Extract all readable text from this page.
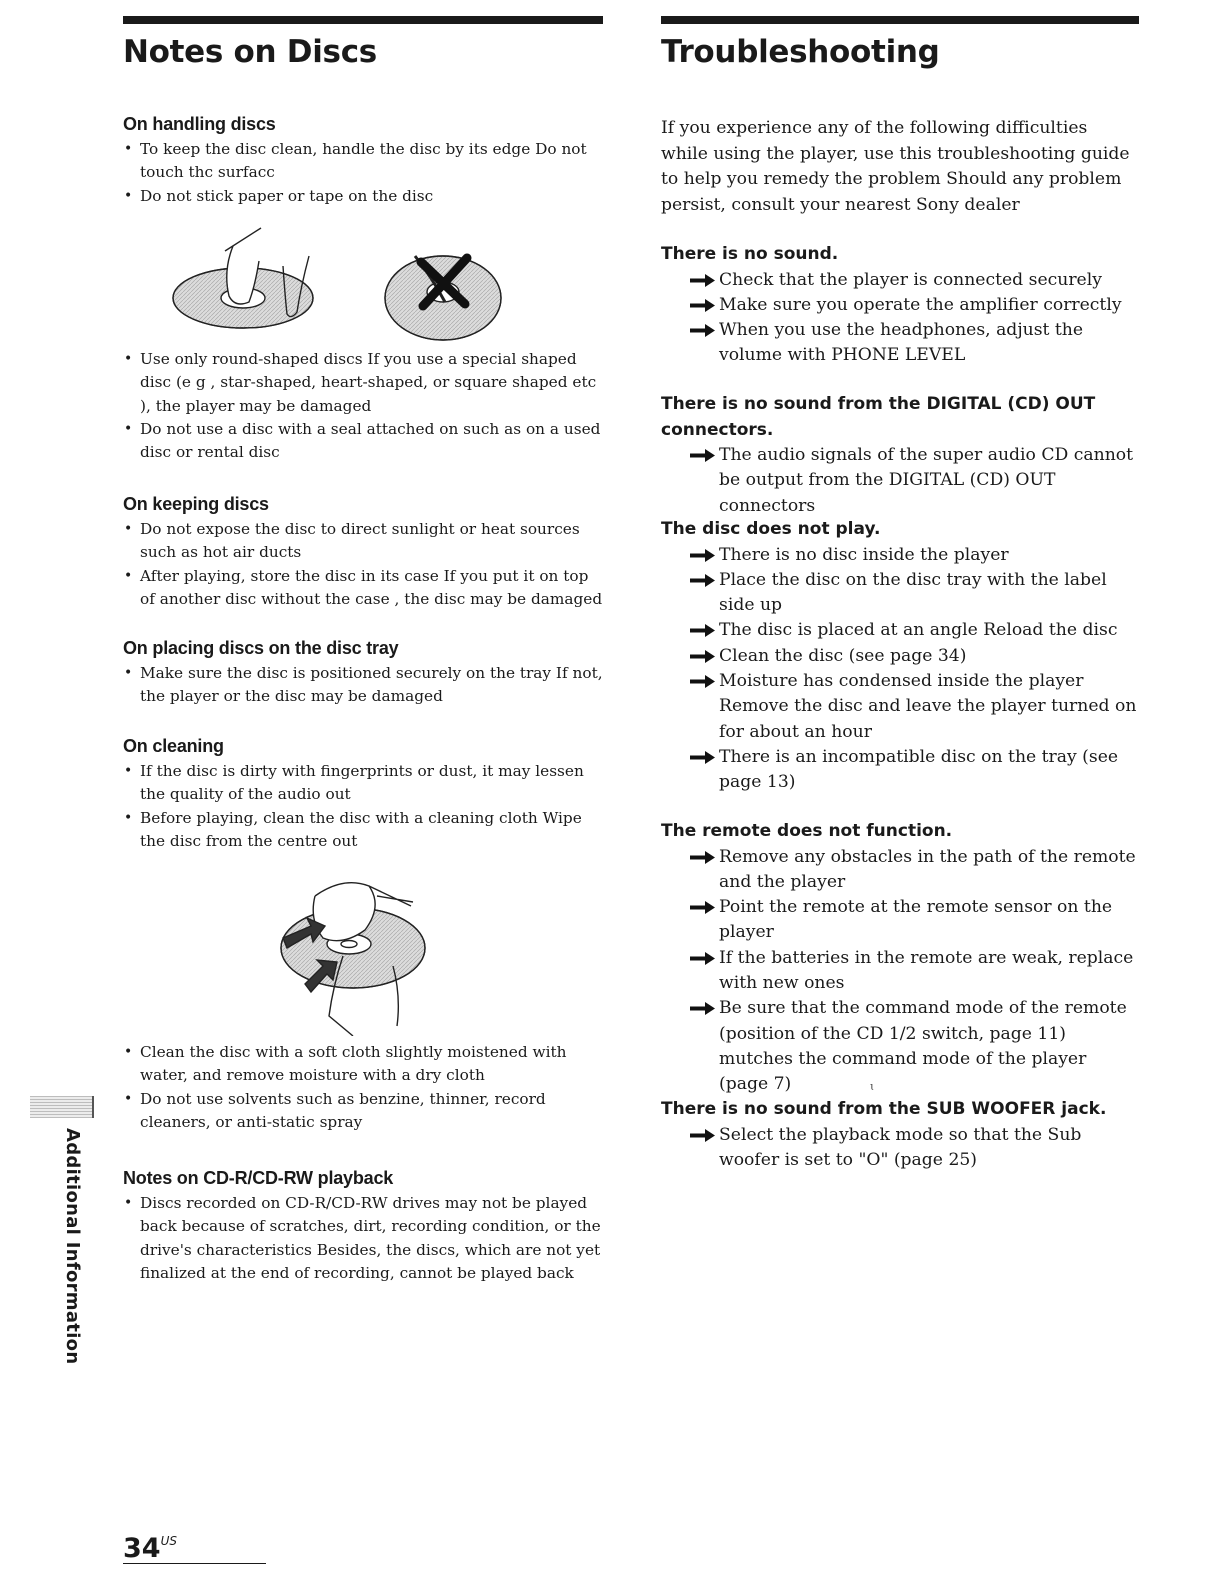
Notes on Discs
On handling discs
• To keep the disc clean, handle the disc by its edge Do not touch thc surfacc
• Do not stick paper or tape on the disc
• Use only round-shaped discs If you use a special shaped disc (e g , star-shaped, heart-shaped, or square shaped etc ), the player may be damaged
• Do not use a disc with a seal attached on such as on a used disc or rental disc
On keeping discs
• Do not expose the disc to direct sunlight or heat sources such as hot air ducts
• After playing, store the disc in its case If you put it on top of another disc without the case , the disc may be damaged
On placing discs on the disc tray
• Make sure the disc is positioned securely on the tray If not, the player or the disc may be damaged
On cleaning
• If the disc is dirty with fingerprints or dust, it may lessen the quality of the audio out
• Before playing, clean the disc with a cleaning cloth Wipe the disc from the centre out
• Clean the disc with a soft cloth slightly moistened with water, and remove moisture with a dry cloth
• Do not use solvents such as benzine, thinner, record cleaners, or anti-static spray
Notes on CD-R/CD-RW playback
• Discs recorded on CD-R/CD-RW drives may not be played back because of scratches, dirt, recording condition, or the drive's characteristics Besides, the discs, which are not yet finalized at the end of recording, cannot be played back
Troubleshooting

If you experience any of the following difficulties while using the player, use this troubleshooting guide to help you remedy the problem Should any problem persist, consult your nearest Sony dealer

There is no sound.
Check that the player is connected securely
Make sure you operate the amplifier correctly
When you use the headphones, adjust the volume with PHONE LEVEL
There is no sound from the DIGITAL (CD) OUT connectors.
The audio signals of the super audio CD cannot be output from the DIGITAL (CD) OUT connectors
The disc does not play.
There is no disc inside the player
Place the disc on the disc tray with the label side up
The disc is placed at an angle Reload the disc
Clean the disc (see page 34)
Moisture has condensed inside the player Remove the disc and leave the player turned on for about an hour
There is an incompatible disc on the tray (see page 13)
The remote does not function.
Remove any obstacles in the path of the remote and the player
Point the remote at the remote sensor on the player
If the batteries in the remote are weak, replace with new ones
Be sure that the command mode of the remote (position of the CD 1/2 switch, page 11) mutches the command mode of the player (page 7)
There is no sound from the SUB WOOFER jack.
Select the playback mode so that the Sub woofer is set to "O" (page 25)
ɩ
Additional Information
$34^{US}$
